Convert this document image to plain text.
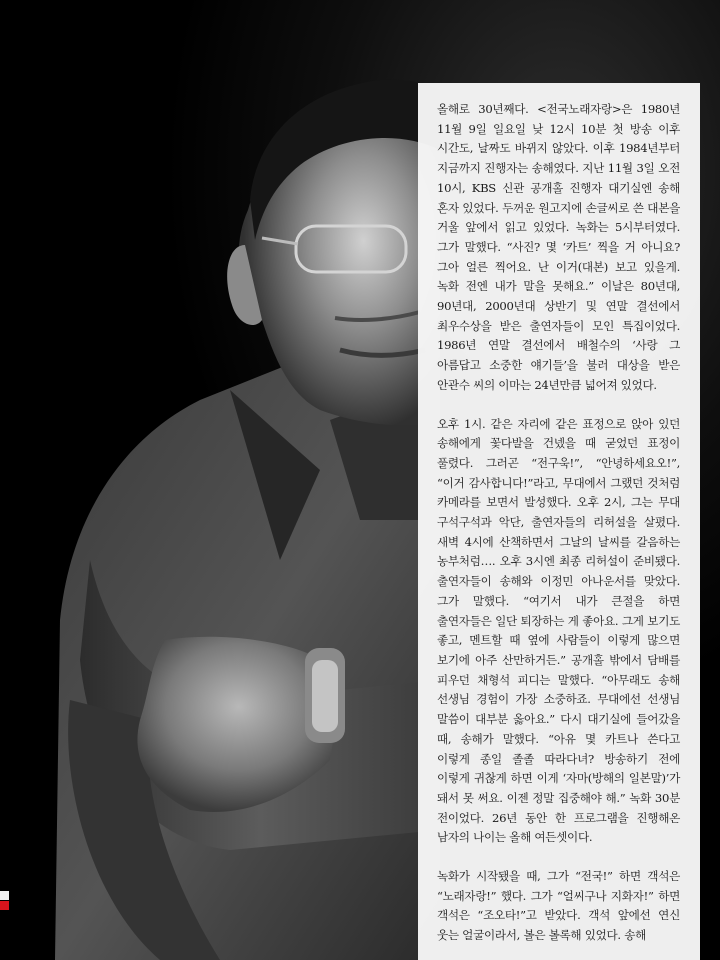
올해로 30년째다. <전국노래자랑>은 1980년 11월 9일 일요일 낮 12시 10분 첫 방송 이후 시간도, 날짜도 바뀌지 않았다. 이후 1984년부터 지금까지 진행자는 송해였다. 지난 11월 3일 오전 10시, KBS 신관 공개홀 진행자 대기실엔 송해 혼자 있었다. 두꺼운 원고지에 손글씨로 쓴 대본을 거울 앞에서 읽고 있었다. 녹화는 5시부터였다. 그가 말했다. “사진? 몇 ‘카트’ 찍을 거 아니요? 그아 얼른 찍어요. 난 이거(대본) 보고 있을게. 녹화 전엔 내가 말을 못해요.” 이날은 80년대, 90년대, 2000년대 상반기 및 연말 결선에서 최우수상을 받은 출연자들이 모인 특집이었다. 1986년 연말 결선에서 배철수의 ‘사랑 그 아름답고 소중한 얘기들’을 불러 대상을 받은 안관수 씨의 이마는 24년만큼 넓어져 있었다.

오후 1시. 같은 자리에 같은 표정으로 앉아 있던 송해에게 꽃다발을 건넸을 때 굳었던 표정이 풀렸다. 그러곤 “전구욱!”, “안녕하세요오!”, “이거 감사합니다!”라고, 무대에서 그랬던 것처럼 카메라를 보면서 발성했다. 오후 2시, 그는 무대 구석구석과 악단, 출연자들의 리허설을 살폈다. 새벽 4시에 산책하면서 그날의 날씨를 갈음하는 농부처럼…. 오후 3시엔 최종 리허설이 준비됐다. 출연자들이 송해와 이정민 아나운서를 맞았다. 그가 말했다. “여기서 내가 큰절을 하면 출연자들은 일단 퇴장하는 게 좋아요. 그게 보기도 좋고, 멘트할 때 옆에 사람들이 이렇게 많으면 보기에 아주 산만하거든.” 공개홀 밖에서 담배를 피우던 채형석 피디는 말했다. “아무래도 송해 선생님 경험이 가장 소중하죠. 무대에선 선생님 말씀이 대부분 옳아요.” 다시 대기실에 들어갔을 때, 송해가 말했다. “아유 몇 카트나 쓴다고 이렇게 종일 졸졸 따라다녀? 방송하기 전에 이렇게 귀찮게 하면 이게 ‘자마(방해의 일본말)’가 돼서 못 써요. 이젠 정말 집중해야 해.” 녹화 30분 전이었다. 26년 동안 한 프로그램을 진행해온 남자의 나이는 올해 여든셋이다.

녹화가 시작됐을 때, 그가 “전국!” 하면 객석은 “노래자랑!” 했다. 그가 “얼씨구나 지화자!” 하면 객석은 “조오타!”고 받았다. 객석 앞에선 연신 웃는 얼굴이라서, 볼은 볼록해 있었다. 송해
